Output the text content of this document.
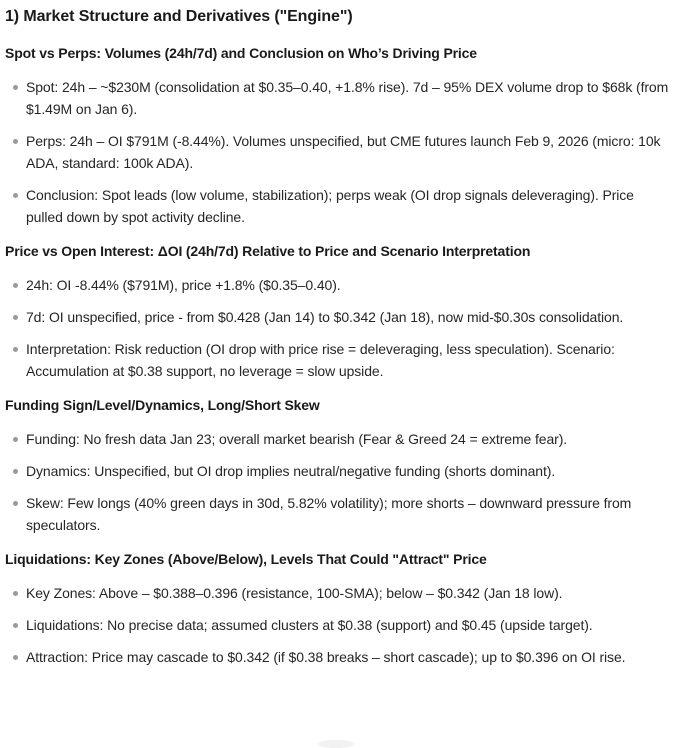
1) Market Structure and Derivatives ("Engine")
Spot vs Perps: Volumes (24h/7d) and Conclusion on Who’s Driving Price
Spot: 24h – ~$230M (consolidation at $0.35–0.40, +1.8% rise). 7d – 95% DEX volume drop to $68k (from $1.49M on Jan 6).
Perps: 24h – OI $791M (-8.44%). Volumes unspecified, but CME futures launch Feb 9, 2026 (micro: 10k ADA, standard: 100k ADA).
Conclusion: Spot leads (low volume, stabilization); perps weak (OI drop signals deleveraging). Price pulled down by spot activity decline.
Price vs Open Interest: ΔOI (24h/7d) Relative to Price and Scenario Interpretation
24h: OI -8.44% ($791M), price +1.8% ($0.35–0.40).
7d: OI unspecified, price - from $0.428 (Jan 14) to $0.342 (Jan 18), now mid-$0.30s consolidation.
Interpretation: Risk reduction (OI drop with price rise = deleveraging, less speculation). Scenario: Accumulation at $0.38 support, no leverage = slow upside.
Funding Sign/Level/Dynamics, Long/Short Skew
Funding: No fresh data Jan 23; overall market bearish (Fear & Greed 24 = extreme fear).
Dynamics: Unspecified, but OI drop implies neutral/negative funding (shorts dominant).
Skew: Few longs (40% green days in 30d, 5.82% volatility); more shorts – downward pressure from speculators.
Liquidations: Key Zones (Above/Below), Levels That Could "Attract" Price
Key Zones: Above – $0.388–0.396 (resistance, 100-SMA); below – $0.342 (Jan 18 low).
Liquidations: No precise data; assumed clusters at $0.38 (support) and $0.45 (upside target).
Attraction: Price may cascade to $0.342 (if $0.38 breaks – short cascade); up to $0.396 on OI rise.
